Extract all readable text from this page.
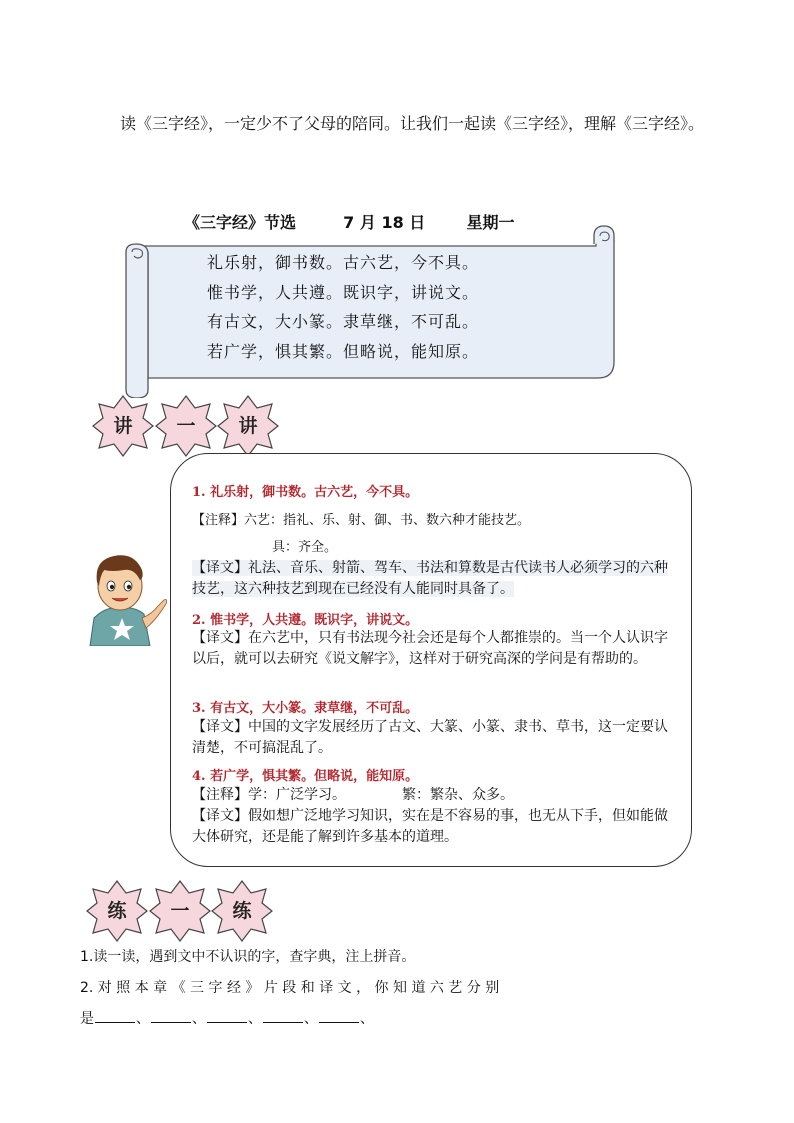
读《三字经》，一定少不了父母的陪同。让我们一起读《三字经》，理解《三字经》。
《三字经》节选	7 月 18 日	星期一
礼乐射，御书数。古六艺，今不具。
惟书学，人共遵。既识字，讲说文。
有古文，大小篆。隶草继，不可乱。
若广学，惧其繁。但略说，能知原。
讲	一	讲
1. 礼乐射，御书数。古六艺，今不具。
【注释】六艺：指礼、乐、射、御、书、数六种才能技艺。
具：齐全。
【译文】礼法、音乐、射箭、驾车、书法和算数是古代读书人必须学习的六种技艺，这六种技艺到现在已经没有人能同时具备了。
2. 惟书学，人共遵。既识字，讲说文。
【译文】在六艺中，只有书法现今社会还是每个人都推崇的。当一个人认识字以后，就可以去研究《说文解字》，这样对于研究高深的学问是有帮助的。
3. 有古文，大小篆。隶草继，不可乱。
【译文】中国的文字发展经历了古文、大篆、小篆、隶书、草书，这一定要认清楚，不可搞混乱了。
4. 若广学，惧其繁。但略说，能知原。
【注释】学：广泛学习。	繁：繁杂、众多。
【译文】假如想广泛地学习知识，实在是不容易的事，也无从下手，但如能做大体研究，还是能了解到许多基本的道理。
练	一	练
1.读一读，遇到文中不认识的字，查字典，注上拼音。
2. 对 照 本 章 《 三 字 经 》 片 段 和 译 文 ， 你 知 道 六 艺 分 别
是	、	、	、	、	、
